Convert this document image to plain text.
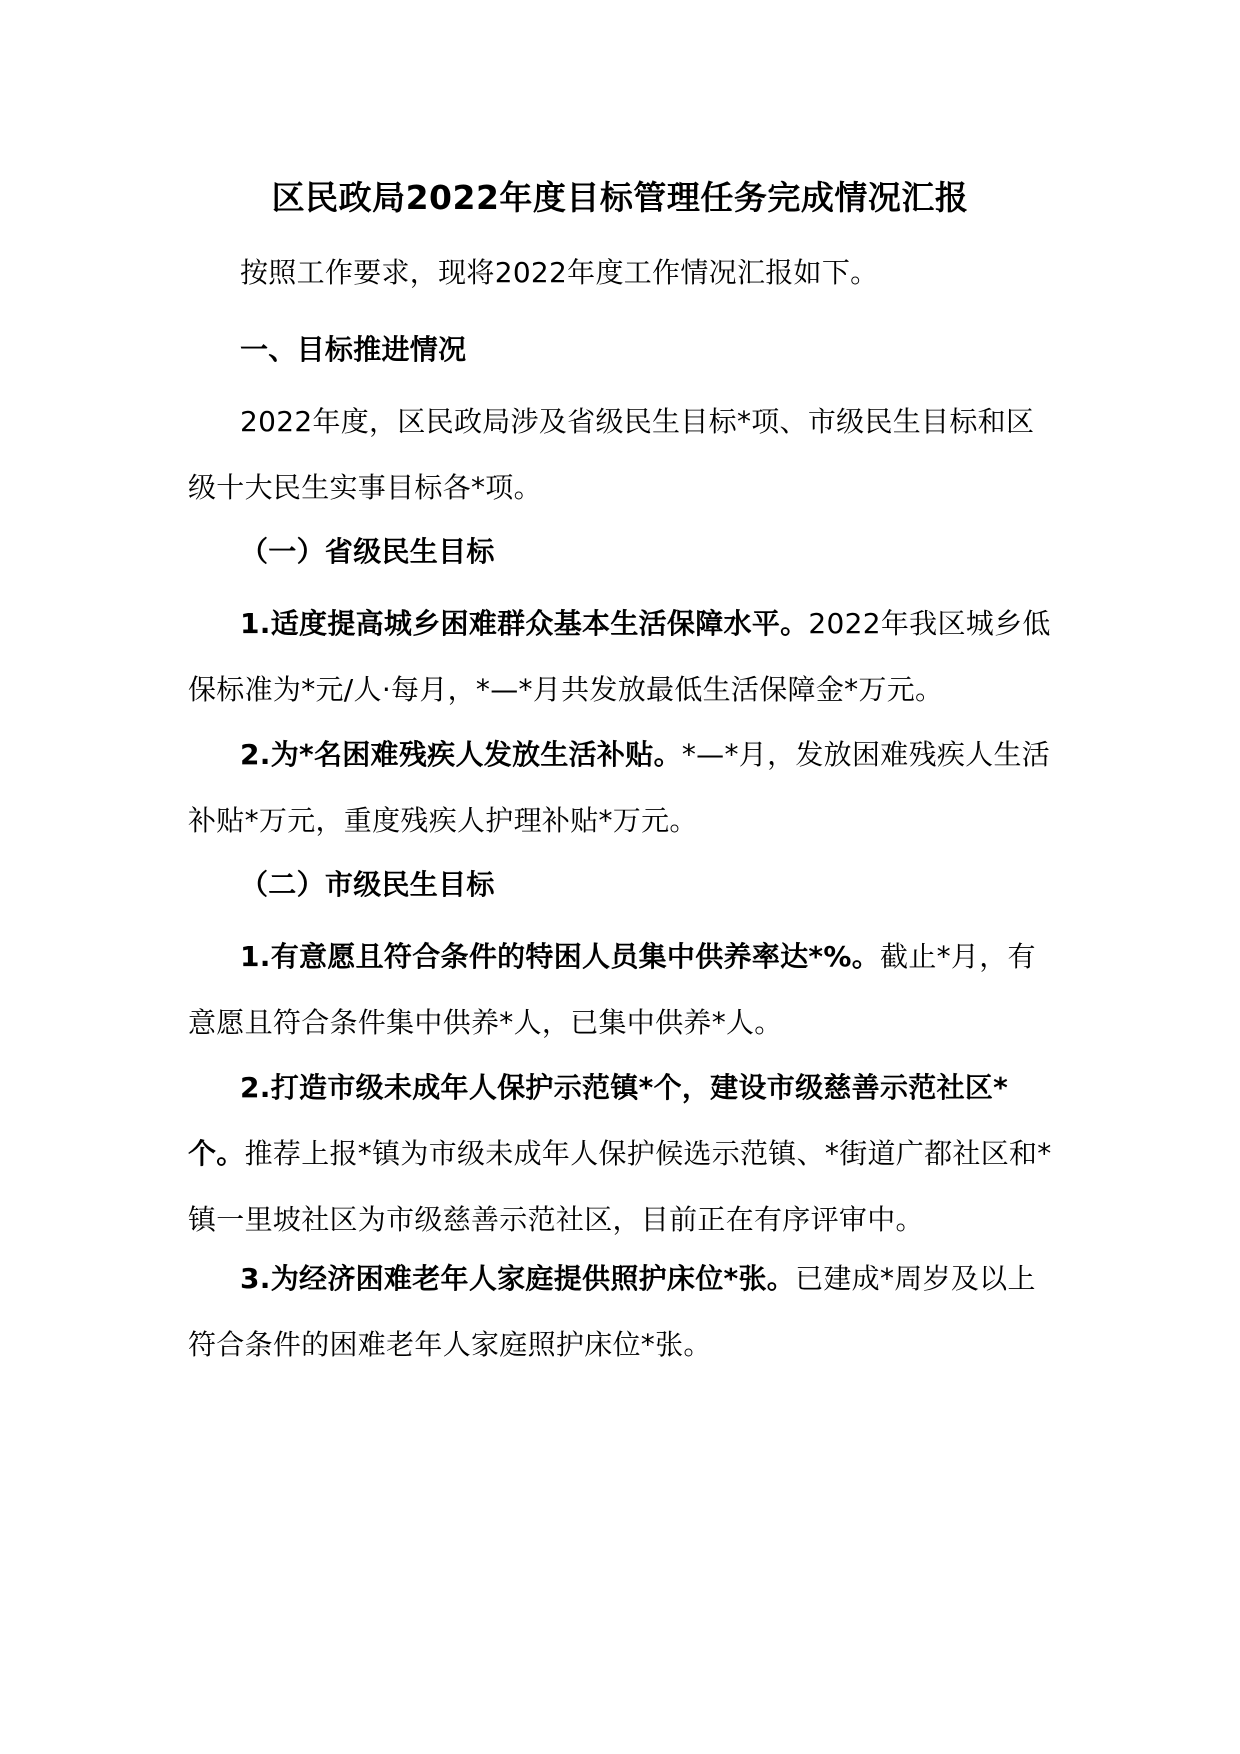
区民政局2022年度目标管理任务完成情况汇报

按照工作要求，现将2022年度工作情况汇报如下。

一、目标推进情况

2022年度，区民政局涉及省级民生目标*项、市级民生目标和区级十大民生实事目标各*项。

（一）省级民生目标

1.适度提高城乡困难群众基本生活保障水平。2022年我区城乡低保标准为*元/人·每月，*—*月共发放最低生活保障金*万元。

2.为*名困难残疾人发放生活补贴。*—*月，发放困难残疾人生活补贴*万元，重度残疾人护理补贴*万元。

（二）市级民生目标

1.有意愿且符合条件的特困人员集中供养率达*%。截止*月，有意愿且符合条件集中供养*人，已集中供养*人。

2.打造市级未成年人保护示范镇*个，建设市级慈善示范社区*个。推荐上报*镇为市级未成年人保护候选示范镇、*街道广都社区和*镇一里坡社区为市级慈善示范社区，目前正在有序评审中。

3.为经济困难老年人家庭提供照护床位*张。已建成*周岁及以上符合条件的困难老年人家庭照护床位*张。
